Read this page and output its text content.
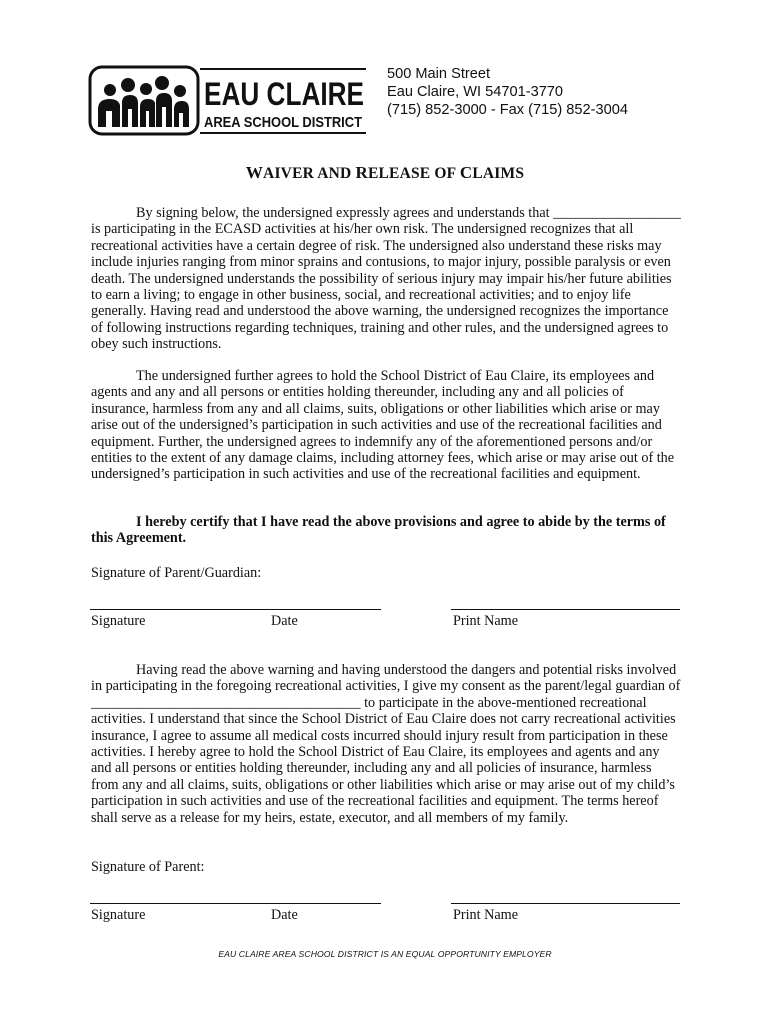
EAU CLAIRE
AREA SCHOOL DISTRICT
500 Main Street
Eau Claire, WI 54701-3770
(715) 852-3000 - Fax (715) 852-3004
WAIVER AND RELEASE OF CLAIMS

By signing below, the undersigned expressly agrees and understands that __________________ is participating in the ECASD activities at his/her own risk. The undersigned recognizes that all recreational activities have a certain degree of risk. The undersigned also understand these risks may include injuries ranging from minor sprains and contusions, to major injury, possible paralysis or even death. The undersigned understands the possibility of serious injury may impair his/her future abilities to earn a living; to engage in other business, social, and recreational activities; and to enjoy life generally. Having read and understood the above warning, the undersigned recognizes the importance of following instructions regarding techniques, training and other rules, and the undersigned agrees to obey such instructions.

The undersigned further agrees to hold the School District of Eau Claire, its employees and agents and any and all persons or entities holding thereunder, including any and all policies of insurance, harmless from any and all claims, suits, obligations or other liabilities which arise or may arise out of the undersigned’s participation in such activities and use of the recreational facilities and equipment. Further, the undersigned agrees to indemnify any of the aforementioned persons and/or entities to the extent of any damage claims, including attorney fees, which arise or may arise out of the undersigned’s participation in such activities and use of the recreational facilities and equipment.

I hereby certify that I have read the above provisions and agree to abide by the terms of this Agreement.

Signature of Parent/Guardian:
Signature	Date	Print Name

Having read the above warning and having understood the dangers and potential risks involved in participating in the foregoing recreational activities, I give my consent as the parent/legal guardian of ______________________________________ to participate in the above-mentioned recreational activities. I understand that since the School District of Eau Claire does not carry recreational activities insurance, I agree to assume all medical costs incurred should injury result from participation in these activities. I hereby agree to hold the School District of Eau Claire, its employees and agents and any and all persons or entities holding thereunder, including any and all policies of insurance, harmless from any and all claims, suits, obligations or other liabilities which arise or may arise out of my child’s participation in such activities and use of the recreational facilities and equipment. The terms hereof shall serve as a release for my heirs, estate, executor, and all members of my family.

Signature of Parent:
Signature	Date	Print Name
EAU CLAIRE AREA SCHOOL DISTRICT IS AN EQUAL OPPORTUNITY EMPLOYER
